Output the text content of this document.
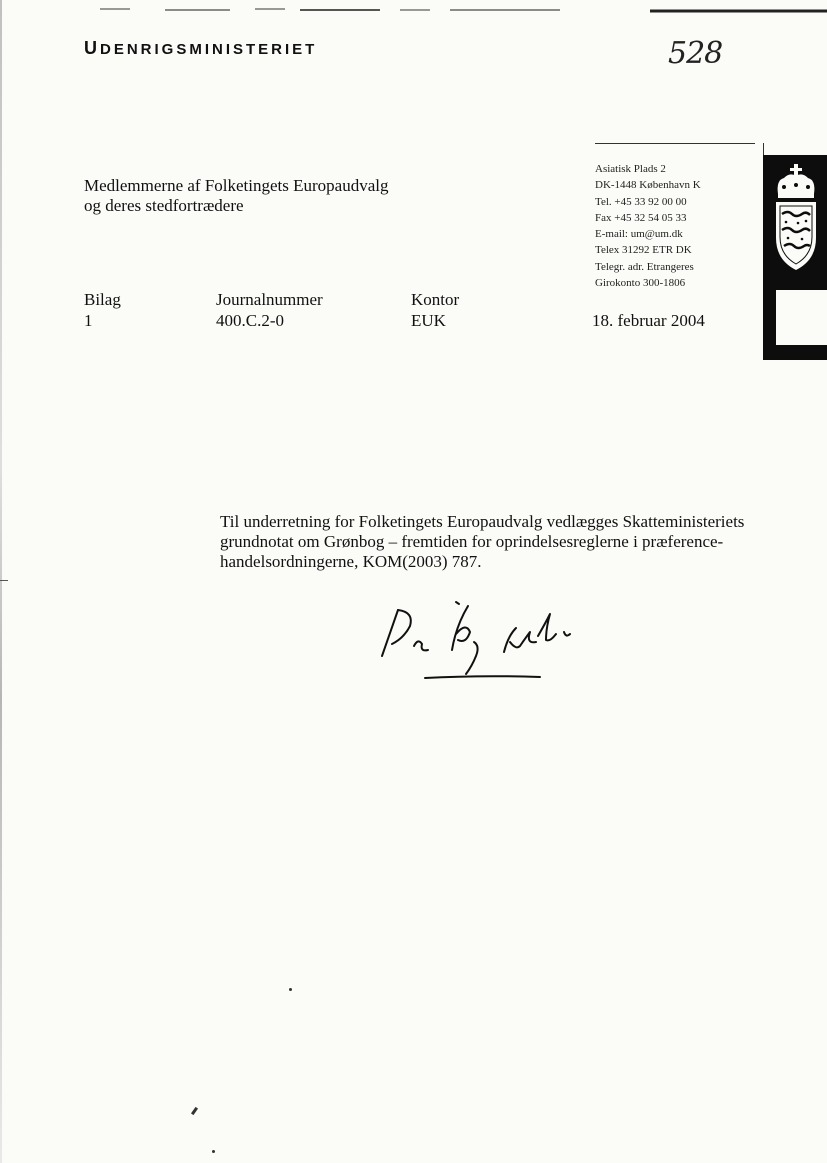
UDENRIGSMINISTERIET	528
Medlemmerne af Folketingets Europaudvalg
og deres stedfortrædere
Asiatisk Plads 2
DK-1448 København K
Tel. +45 33 92 00 00
Fax +45 32 54 05 33
E-mail: um@um.dk
Telex 31292 ETR DK
Telegr. adr. Etrangeres
Girokonto 300-1806
Bilag
1
Journalnummer
400.C.2-0
Kontor
EUK	18. februar 2004
Til underretning for Folketingets Europaudvalg vedlægges Skatteministeriets
grundnotat om Grønbog – fremtiden for oprindelsesreglerne i præference-
handelsordningerne, KOM(2003) 787.
